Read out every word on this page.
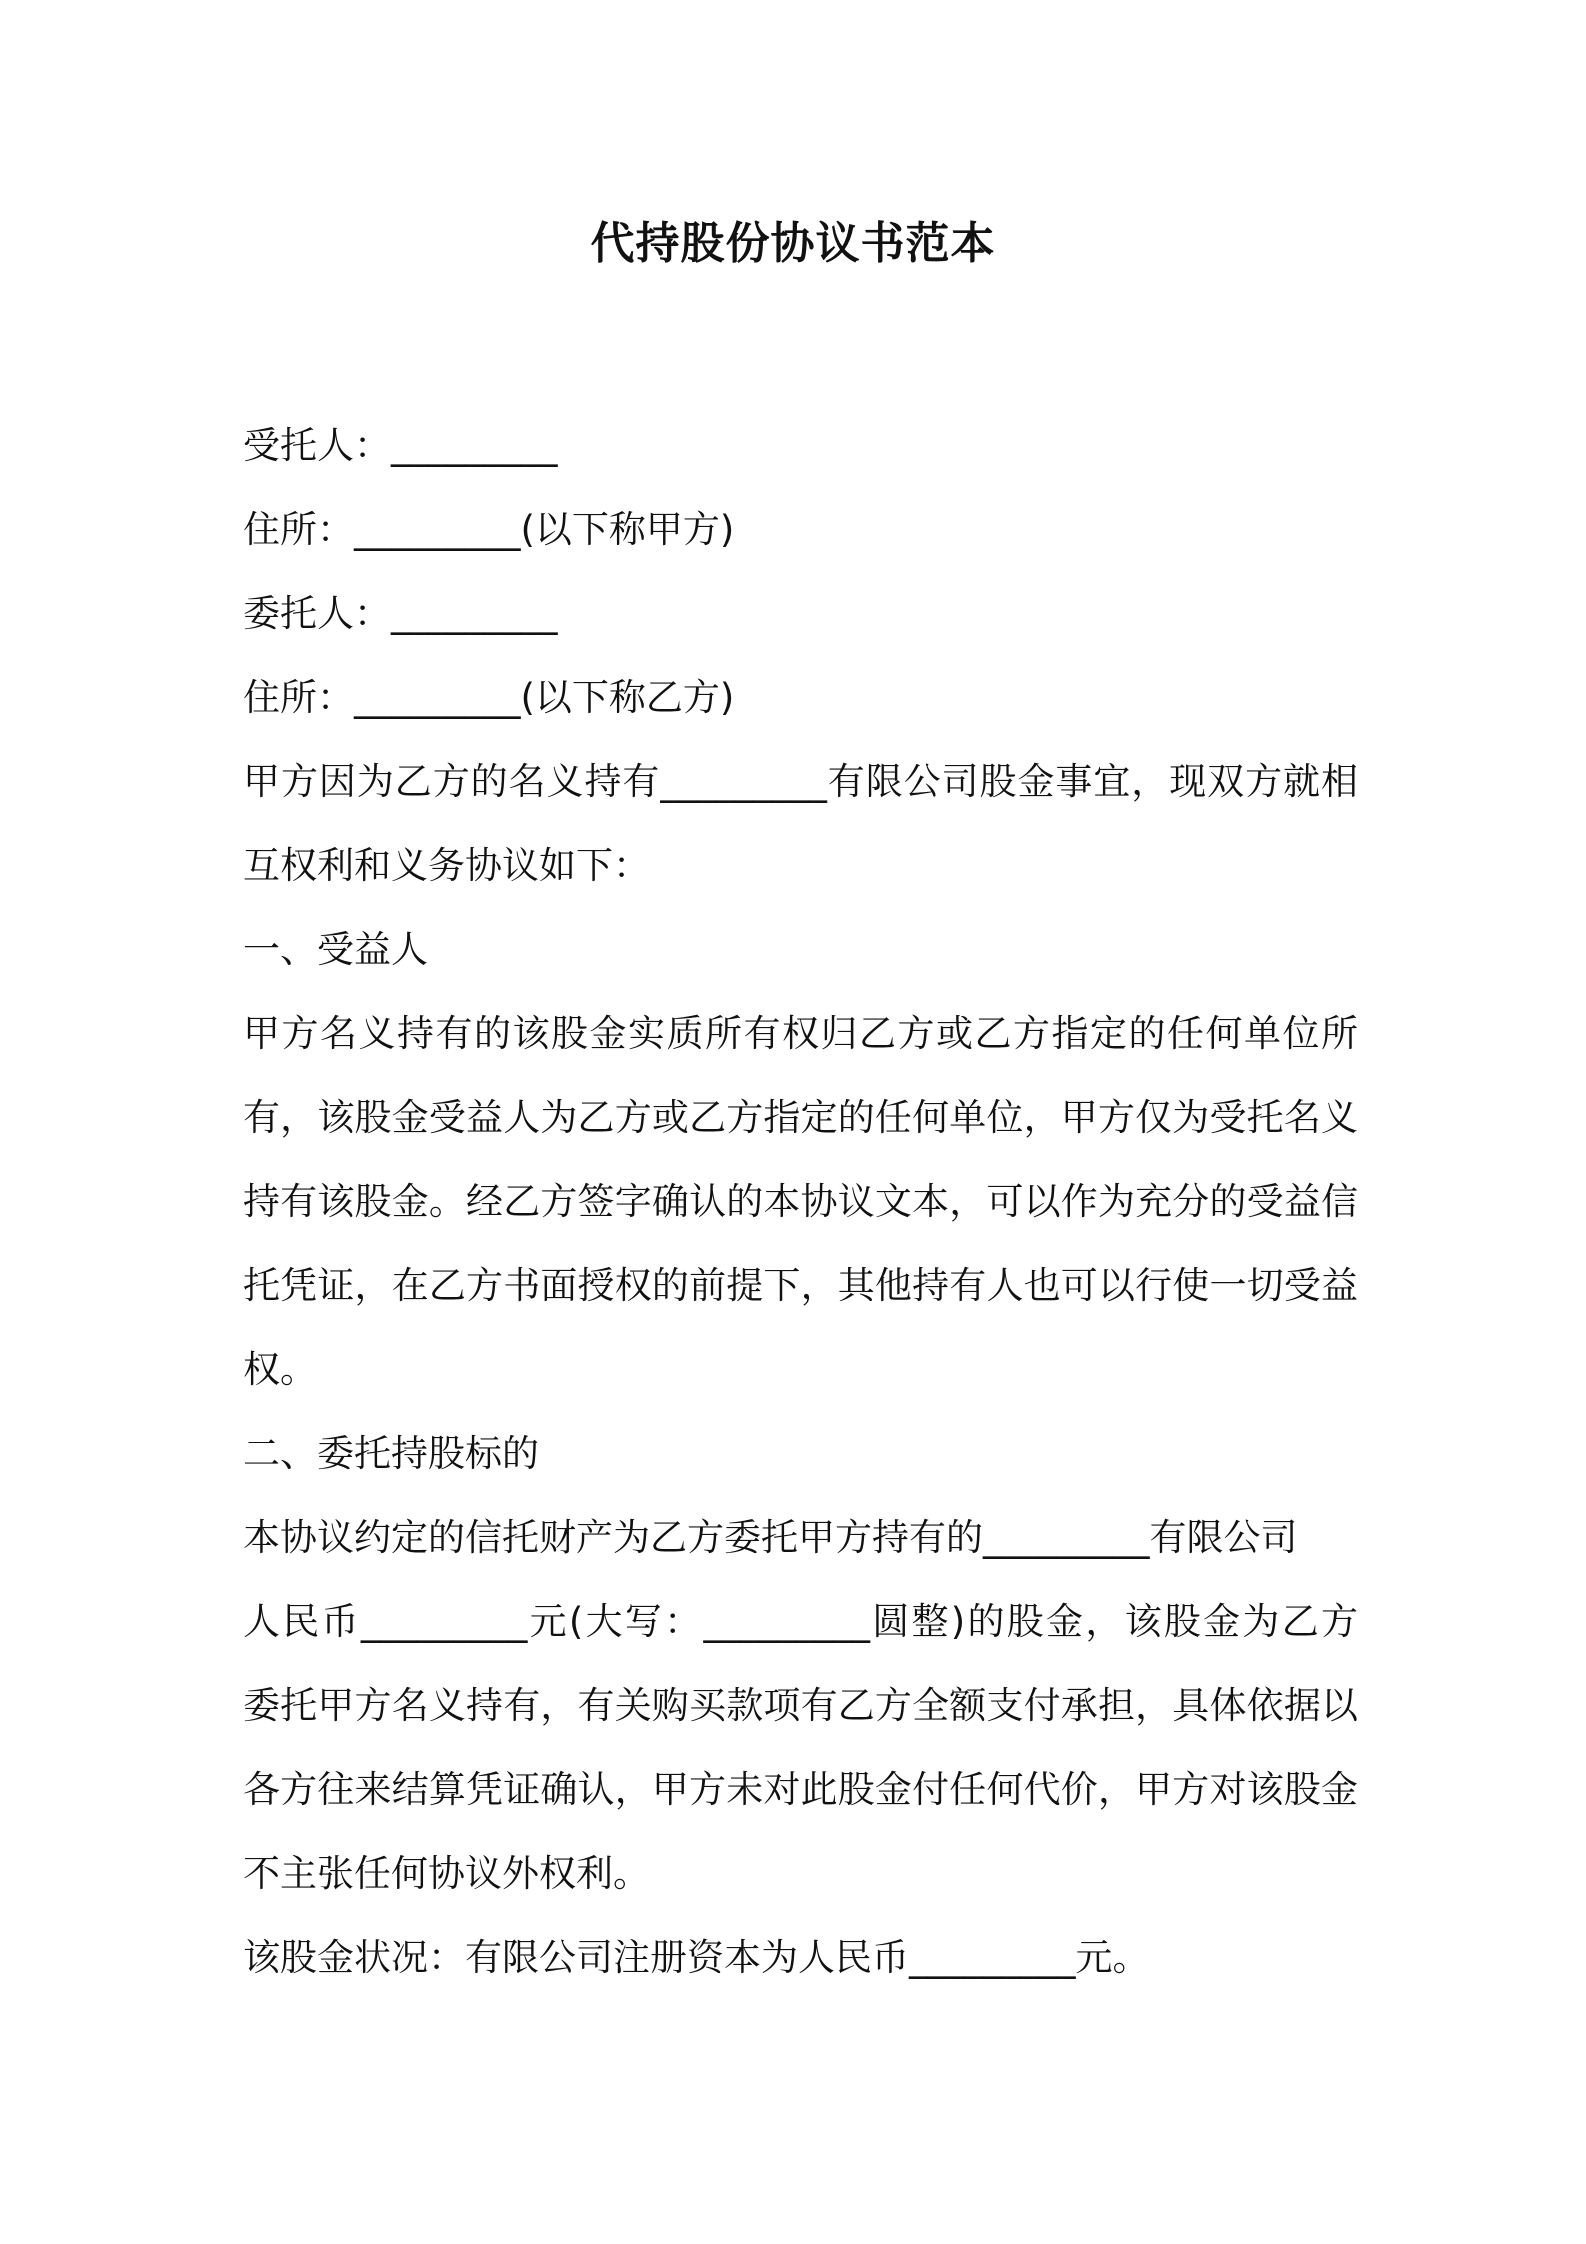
代持股份协议书范本

受托人：_________

住所：_________(以下称甲方)

委托人：_________

住所：_________(以下称乙方)

甲方因为乙方的名义持有_________有限公司股金事宜，现双方就相

互权利和义务协议如下：

一、受益人

甲方名义持有的该股金实质所有权归乙方或乙方指定的任何单位所

有，该股金受益人为乙方或乙方指定的任何单位，甲方仅为受托名义

持有该股金。经乙方签字确认的本协议文本，可以作为充分的受益信

托凭证，在乙方书面授权的前提下，其他持有人也可以行使一切受益

权。

二、委托持股标的

本协议约定的信托财产为乙方委托甲方持有的_________有限公司

人民币_________元(大写：_________圆整)的股金，该股金为乙方

委托甲方名义持有，有关购买款项有乙方全额支付承担，具体依据以

各方往来结算凭证确认，甲方未对此股金付任何代价，甲方对该股金

不主张任何协议外权利。

该股金状况：有限公司注册资本为人民币_________元。
